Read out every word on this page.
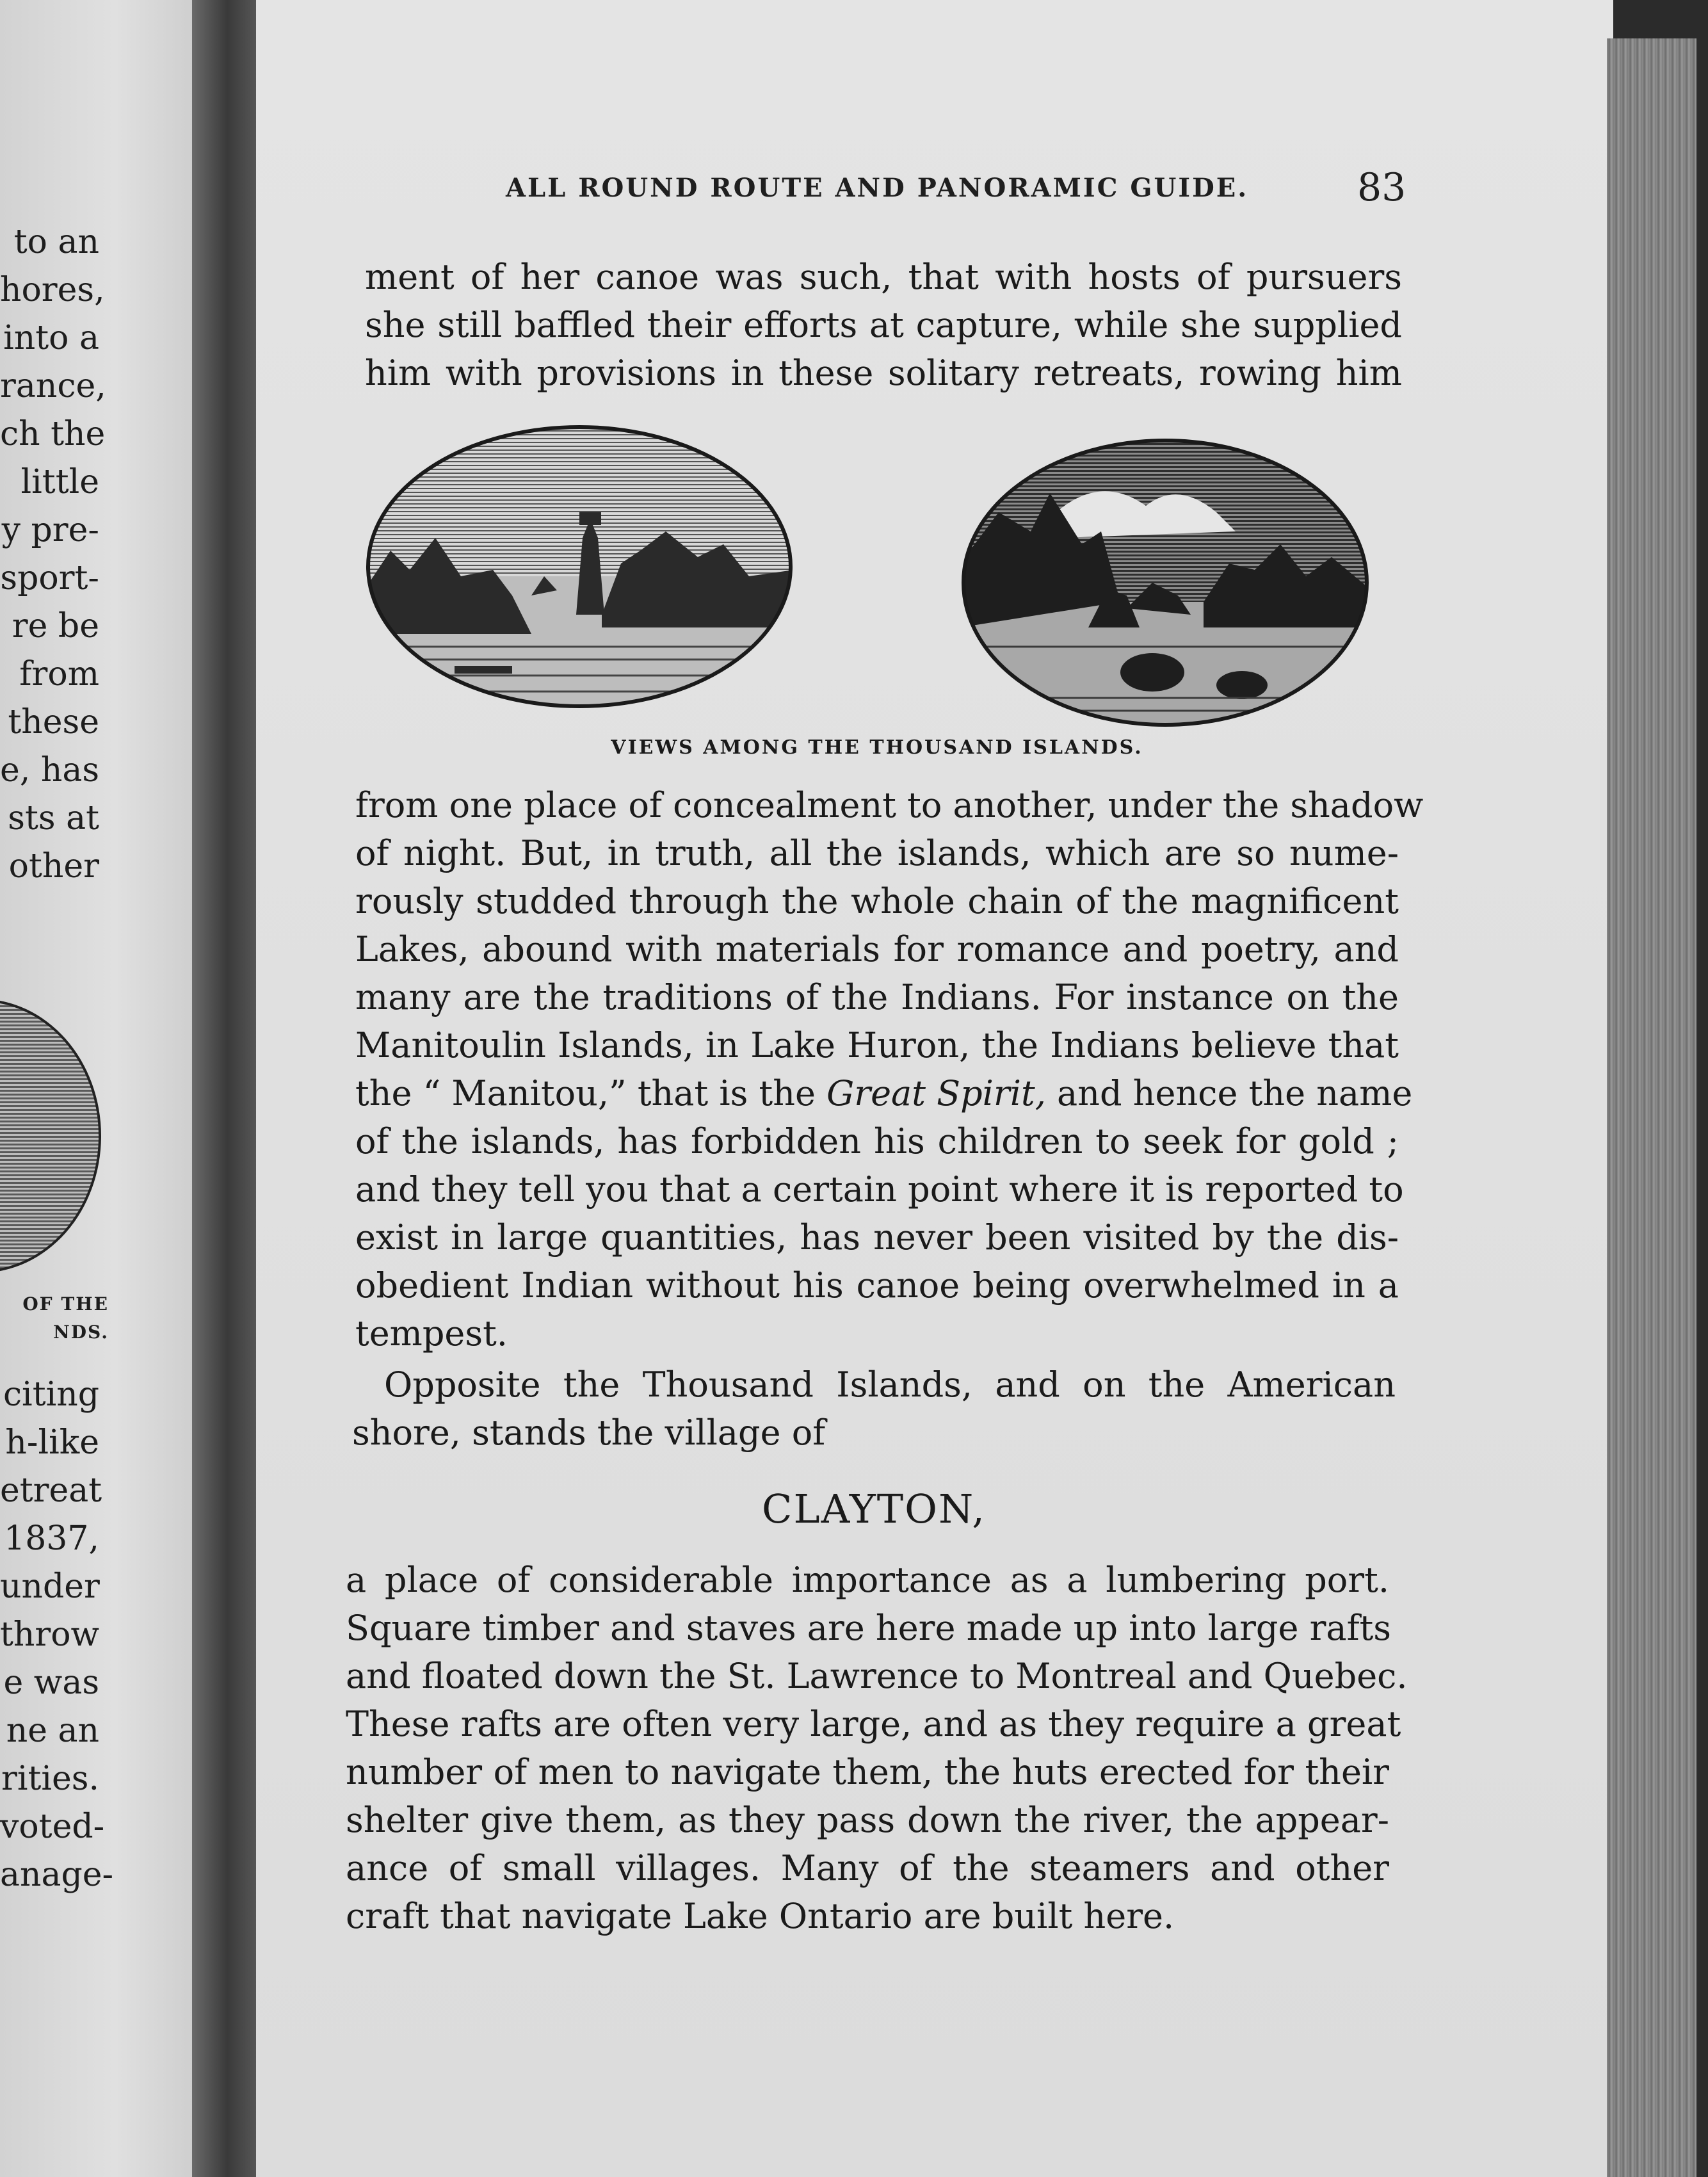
to an
hores,
into a
rance,
ch the
little
y pre-
sport-
re be
from
these
e, has
sts at
other
citing
h-like
etreat
1837,
under
throw
e was
ne an
rities.
voted-
anage-
OF THE
NDS.
ALL ROUND ROUTE AND PANORAMIC GUIDE.	83
ment of her canoe was such, that with hosts of pursuers
she still baffled their efforts at capture, while she supplied
him with provisions in these solitary retreats, rowing him
VIEWS AMONG THE THOUSAND ISLANDS.
from one place of concealment to another, under the shadow
of night. But, in truth, all the islands, which are so nume-
rously studded through the whole chain of the magnificent
Lakes, abound with materials for romance and poetry, and
many are the traditions of the Indians. For instance on the
Manitoulin Islands, in Lake Huron, the Indians believe that
the “ Manitou,” that is the Great Spirit, and hence the name
of the islands, has forbidden his children to seek for gold ;
and they tell you that a certain point where it is reported to
exist in large quantities, has never been visited by the dis-
obedient Indian without his canoe being overwhelmed in a
tempest.
Opposite the Thousand Islands, and on the American
shore, stands the village of
CLAYTON,
a place of considerable importance as a lumbering port.
Square timber and staves are here made up into large rafts
and floated down the St. Lawrence to Montreal and Quebec.
These rafts are often very large, and as they require a great
number of men to navigate them, the huts erected for their
shelter give them, as they pass down the river, the appear-
ance of small villages. Many of the steamers and other
craft that navigate Lake Ontario are built here.
